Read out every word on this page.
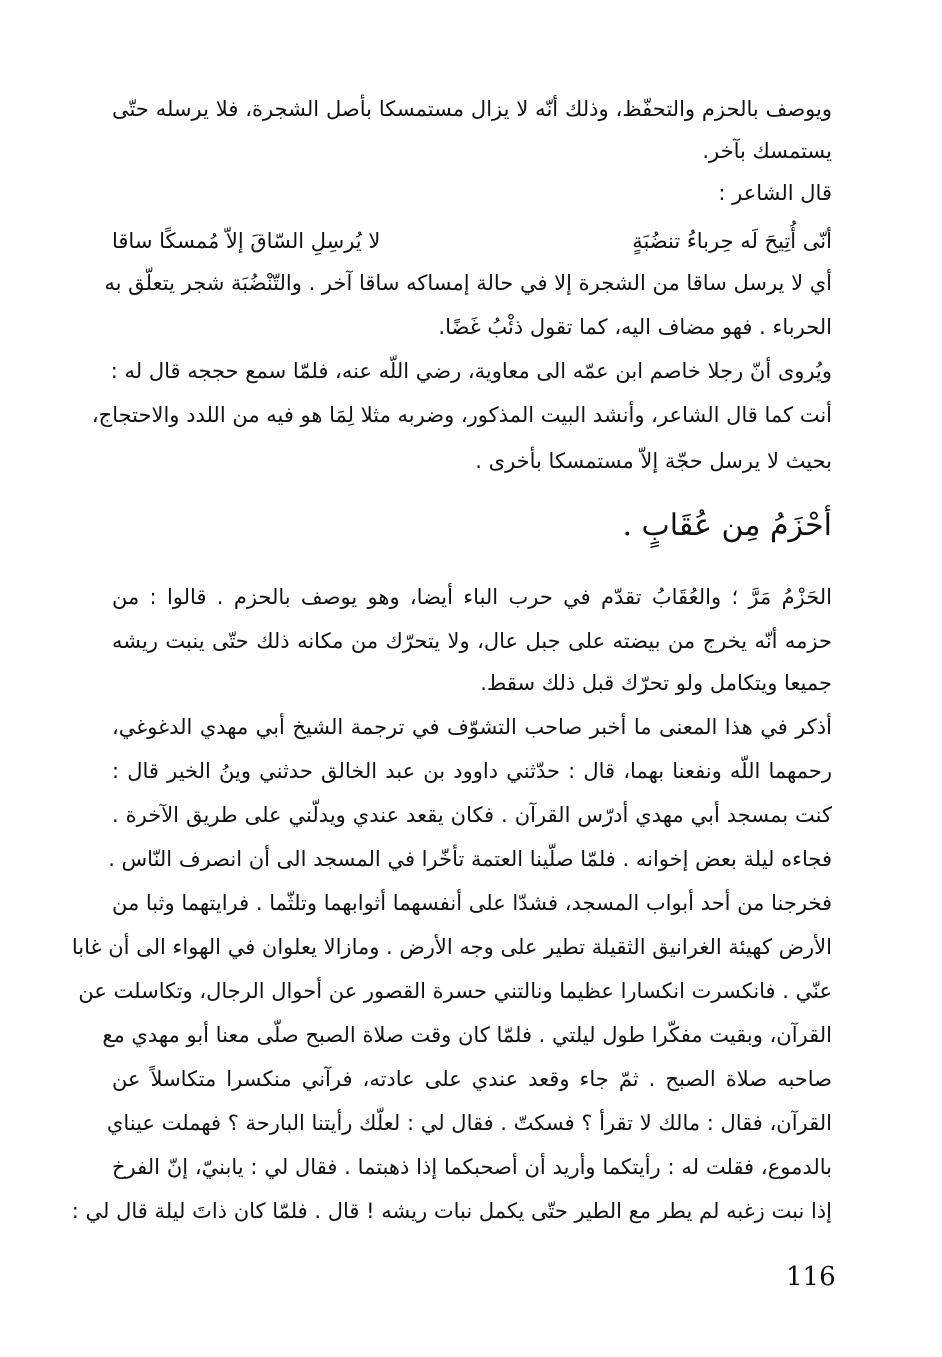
ويوصف بالحزم والتحفّظ، وذلك أنّه لا يزال مستمسكا بأصل الشجرة، فلا يرسله حتّى
يستمسك بآخر.
قال الشاعر :
أنّى أُتِيحَ لَه حِرباءُ تنضُبَةٍ
لا يُرسِلِ السّاقَ إلاّ مُمسكًا ساقا
أي لا يرسل ساقا من الشجرة إلا في حالة إمساكه ساقا آخر . والتّنْضُبَة شجر يتعلّق به
الحرباء . فهو مضاف اليه، كما تقول ذئْبُ غَضًا.
ويُروى أنّ رجلا خاصم ابن عمّه الى معاوية، رضي اللّه عنه، فلمّا سمع حججه قال له :
أنت كما قال الشاعر، وأنشد البيت المذكور، وضربه مثلا لِمَا هو فيه من اللدد والاحتجاج،
بحيث لا يرسل حجّة إلاّ مستمسكا بأخرى .
أحْزَمُ مِن عُقَابٍ .
الحَزْمُ مَرَّ ؛ والعُقَابُ تقدّم في حرب الباء أيضا، وهو يوصف بالحزم . قالوا : من
حزمه أنّه يخرج من بيضته على جبل عال، ولا يتحرّك من مكانه ذلك حتّى ينبت ريشه
جميعا ويتكامل ولو تحرّك قبل ذلك سقط.
أذكر في هذا المعنى ما أخبر صاحب التشوّف في ترجمة الشيخ أبي مهدي الدغوغي،
رحمهما اللّه ونفعنا بهما، قال : حدّثني داوود بن عبد الخالق حدثني وينُ الخير قال :
كنت بمسجد أبي مهدي أدرّس القرآن . فكان يقعد عندي ويدلّني على طريق الآخرة .
فجاءه ليلة بعض إخوانه . فلمّا صلّينا العتمة تأخّرا في المسجد الى أن انصرف النّاس .
فخرجنا من أحد أبواب المسجد، فشدّا على أنفسهما أثوابهما وتلثّما . فرايتهما وثبا من
الأرض كهيئة الغرانيق الثقيلة تطير على وجه الأرض . ومازالا يعلوان في الهواء الى أن غابا
عنّي . فانكسرت انكسارا عظيما ونالتني حسرة القصور عن أحوال الرجال، وتكاسلت عن
القرآن، وبقيت مفكّرا طول ليلتي . فلمّا كان وقت صلاة الصبح صلّى معنا أبو مهدي مع
صاحبه صلاة الصبح . ثمّ جاء وقعد عندي على عادته، فرآني منكسرا متكاسلاً عن
القرآن، فقال : مالك لا تقرأ ؟ فسكتّ . فقال لي : لعلّك رأيتنا البارحة ؟ فهملت عيناي
بالدموع، فقلت له : رأيتكما وأريد أن أصحبكما إذا ذهبتما . فقال لي : يابنيّ، إنّ الفرخ
إذا نبت زغبه لم يطر مع الطير حتّى يكمل نبات ريشه ! قال . فلمّا كان ذاتَ ليلة قال لي :
116
